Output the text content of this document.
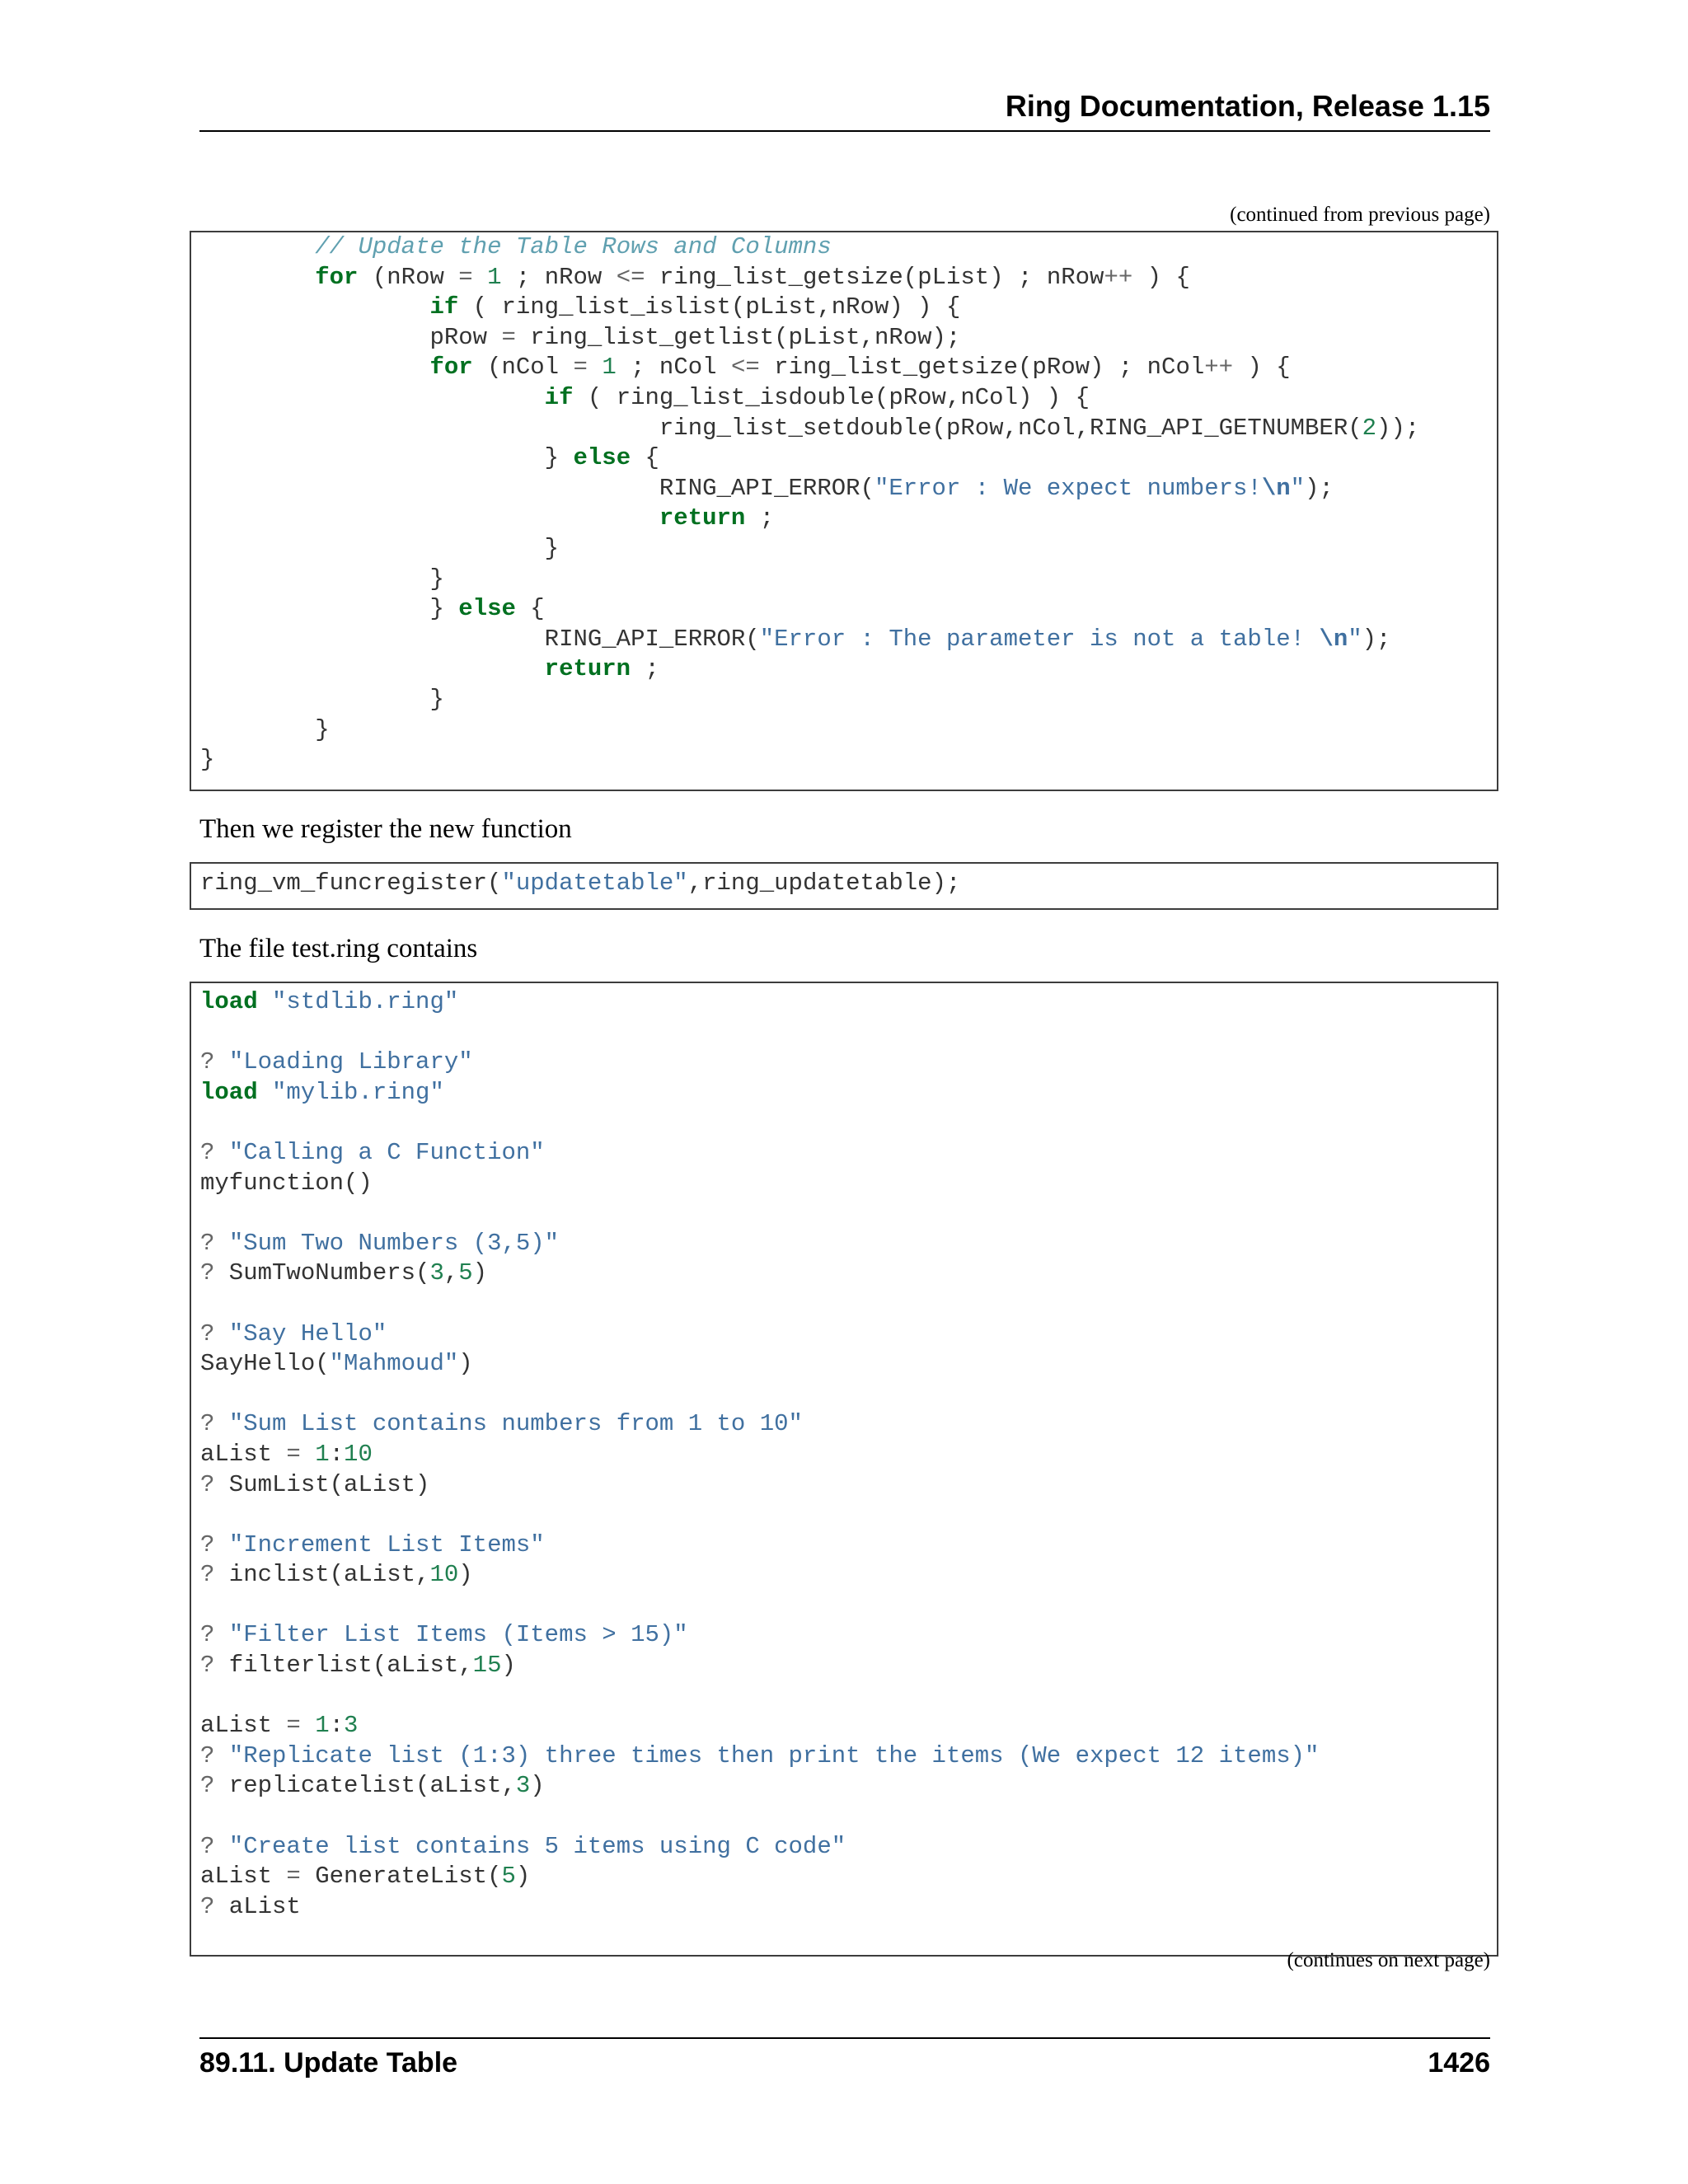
Ring Documentation, Release 1.15
(continued from previous page)
// Update the Table Rows and Columns
for (nRow = 1 ; nRow <= ring_list_getsize(pList) ; nRow++ ) {
if ( ring_list_islist(pList,nRow) ) {
pRow = ring_list_getlist(pList,nRow);
for (nCol = 1 ; nCol <= ring_list_getsize(pRow) ; nCol++ ) {
if ( ring_list_isdouble(pRow,nCol) ) {
ring_list_setdouble(pRow,nCol,RING_API_GETNUMBER(2));
} else {
RING_API_ERROR("Error : We expect numbers!\n");
return ;
}
}
} else {
RING_API_ERROR("Error : The parameter is not a table! \n");
return ;
}
}
}
Then we register the new function
ring_vm_funcregister("updatetable",ring_updatetable);
The file test.ring contains
load "stdlib.ring"

? "Loading Library"
load "mylib.ring"

? "Calling a C Function"
myfunction()

? "Sum Two Numbers (3,5)"
? SumTwoNumbers(3,5)

? "Say Hello"
SayHello("Mahmoud")

? "Sum List contains numbers from 1 to 10"
aList = 1:10
? SumList(aList)

? "Increment List Items"
? inclist(aList,10)

? "Filter List Items (Items > 15)"
? filterlist(aList,15)

aList = 1:3
? "Replicate list (1:3) three times then print the items (We expect 12 items)"
? replicatelist(aList,3)

? "Create list contains 5 items using C code"
aList = GenerateList(5)
? aList

(continues on next page)
89.11. Update Table	1426
